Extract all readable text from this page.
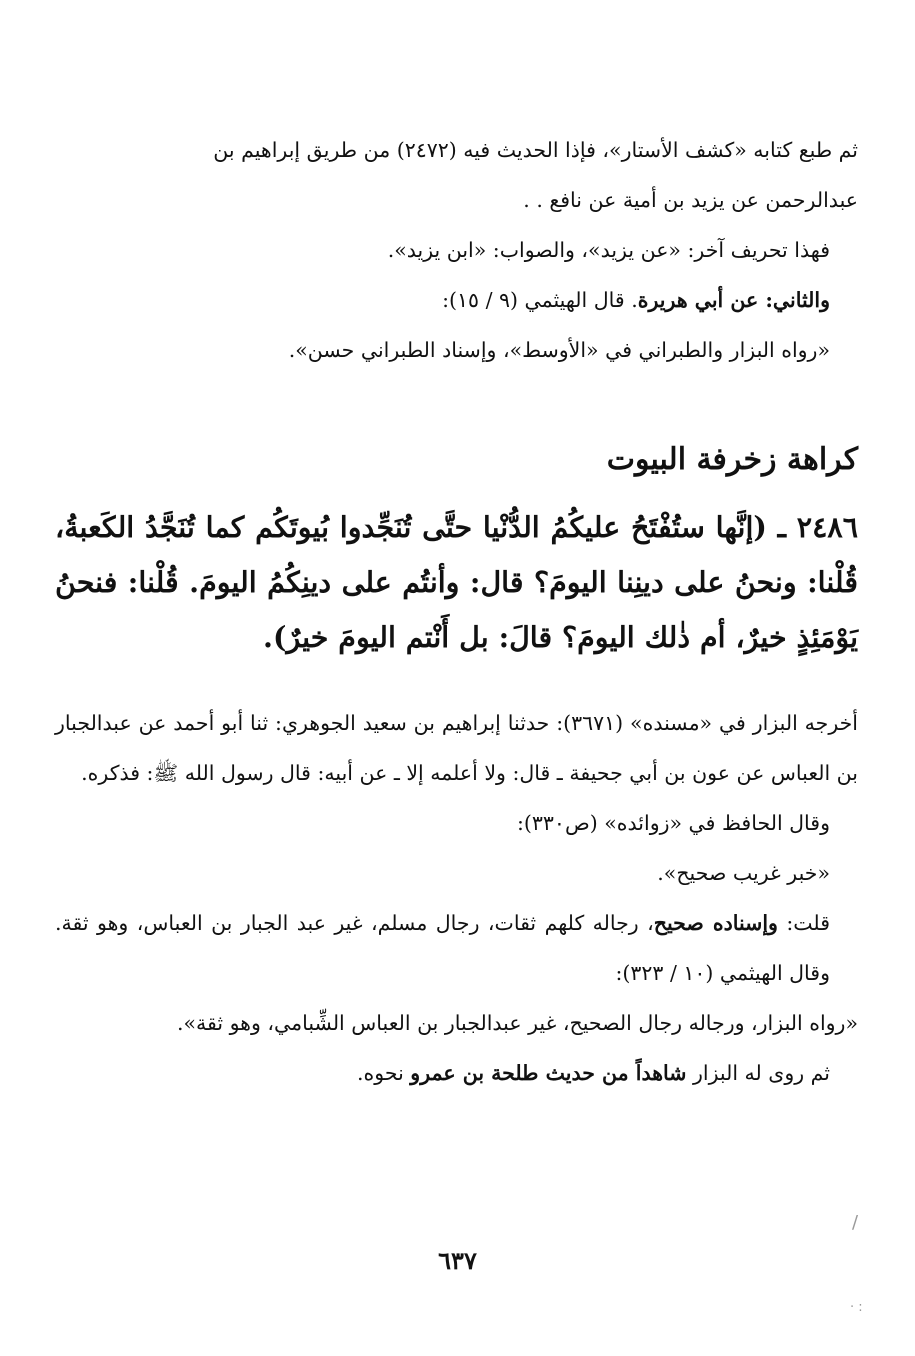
ثم طبع كتابه «كشف الأستار»، فإذا الحديث فيه (٢٤٧٢) من طريق إبراهيم بن

عبدالرحمن عن يزيد بن أمية عن نافع . .

فهذا تحريف آخر: «عن يزيد»، والصواب: «ابن يزيد».

والثاني: عن أبي هريرة. قال الهيثمي (٩ / ١٥):

«رواه البزار والطبراني في «الأوسط»، وإسناد الطبراني حسن».

كراهة زخرفة البيوت

٢٤٨٦ ـ (إنَّها ستُفْتَحُ عليكُمُ الدُّنْيا حتَّى تُنَجِّدوا بُيوتَكُم كما تُنَجَّدُ الكَعبةُ، قُلْنا: ونحنُ على دينِنا اليومَ؟ قال: وأنتُم على دينِكُمُ اليومَ. قُلْنا: فنحنُ يَوْمَئِذٍ خيرٌ، أم ذٰلك اليومَ؟ قالَ: بل أَنْتم اليومَ خيرٌ).

أخرجه البزار في «مسنده» (٣٦٧١): حدثنا إبراهيم بن سعيد الجوهري: ثنا أبو أحمد عن عبدالجبار بن العباس عن عون بن أبي جحيفة ـ قال: ولا أعلمه إلا ـ عن أبيه: قال رسول الله ﷺ: فذكره.

وقال الحافظ في «زوائده» (ص٣٣٠):

«خبر غريب صحيح».

قلت: وإسناده صحيح، رجاله كلهم ثقات، رجال مسلم، غير عبد الجبار بن العباس، وهو ثقة. وقال الهيثمي (١٠ / ٣٢٣):

«رواه البزار، ورجاله رجال الصحيح، غير عبدالجبار بن العباس الشِّبامي، وهو ثقة».

ثم روى له البزار شاهداً من حديث طلحة بن عمرو نحوه.

٦٣٧
/
· :
